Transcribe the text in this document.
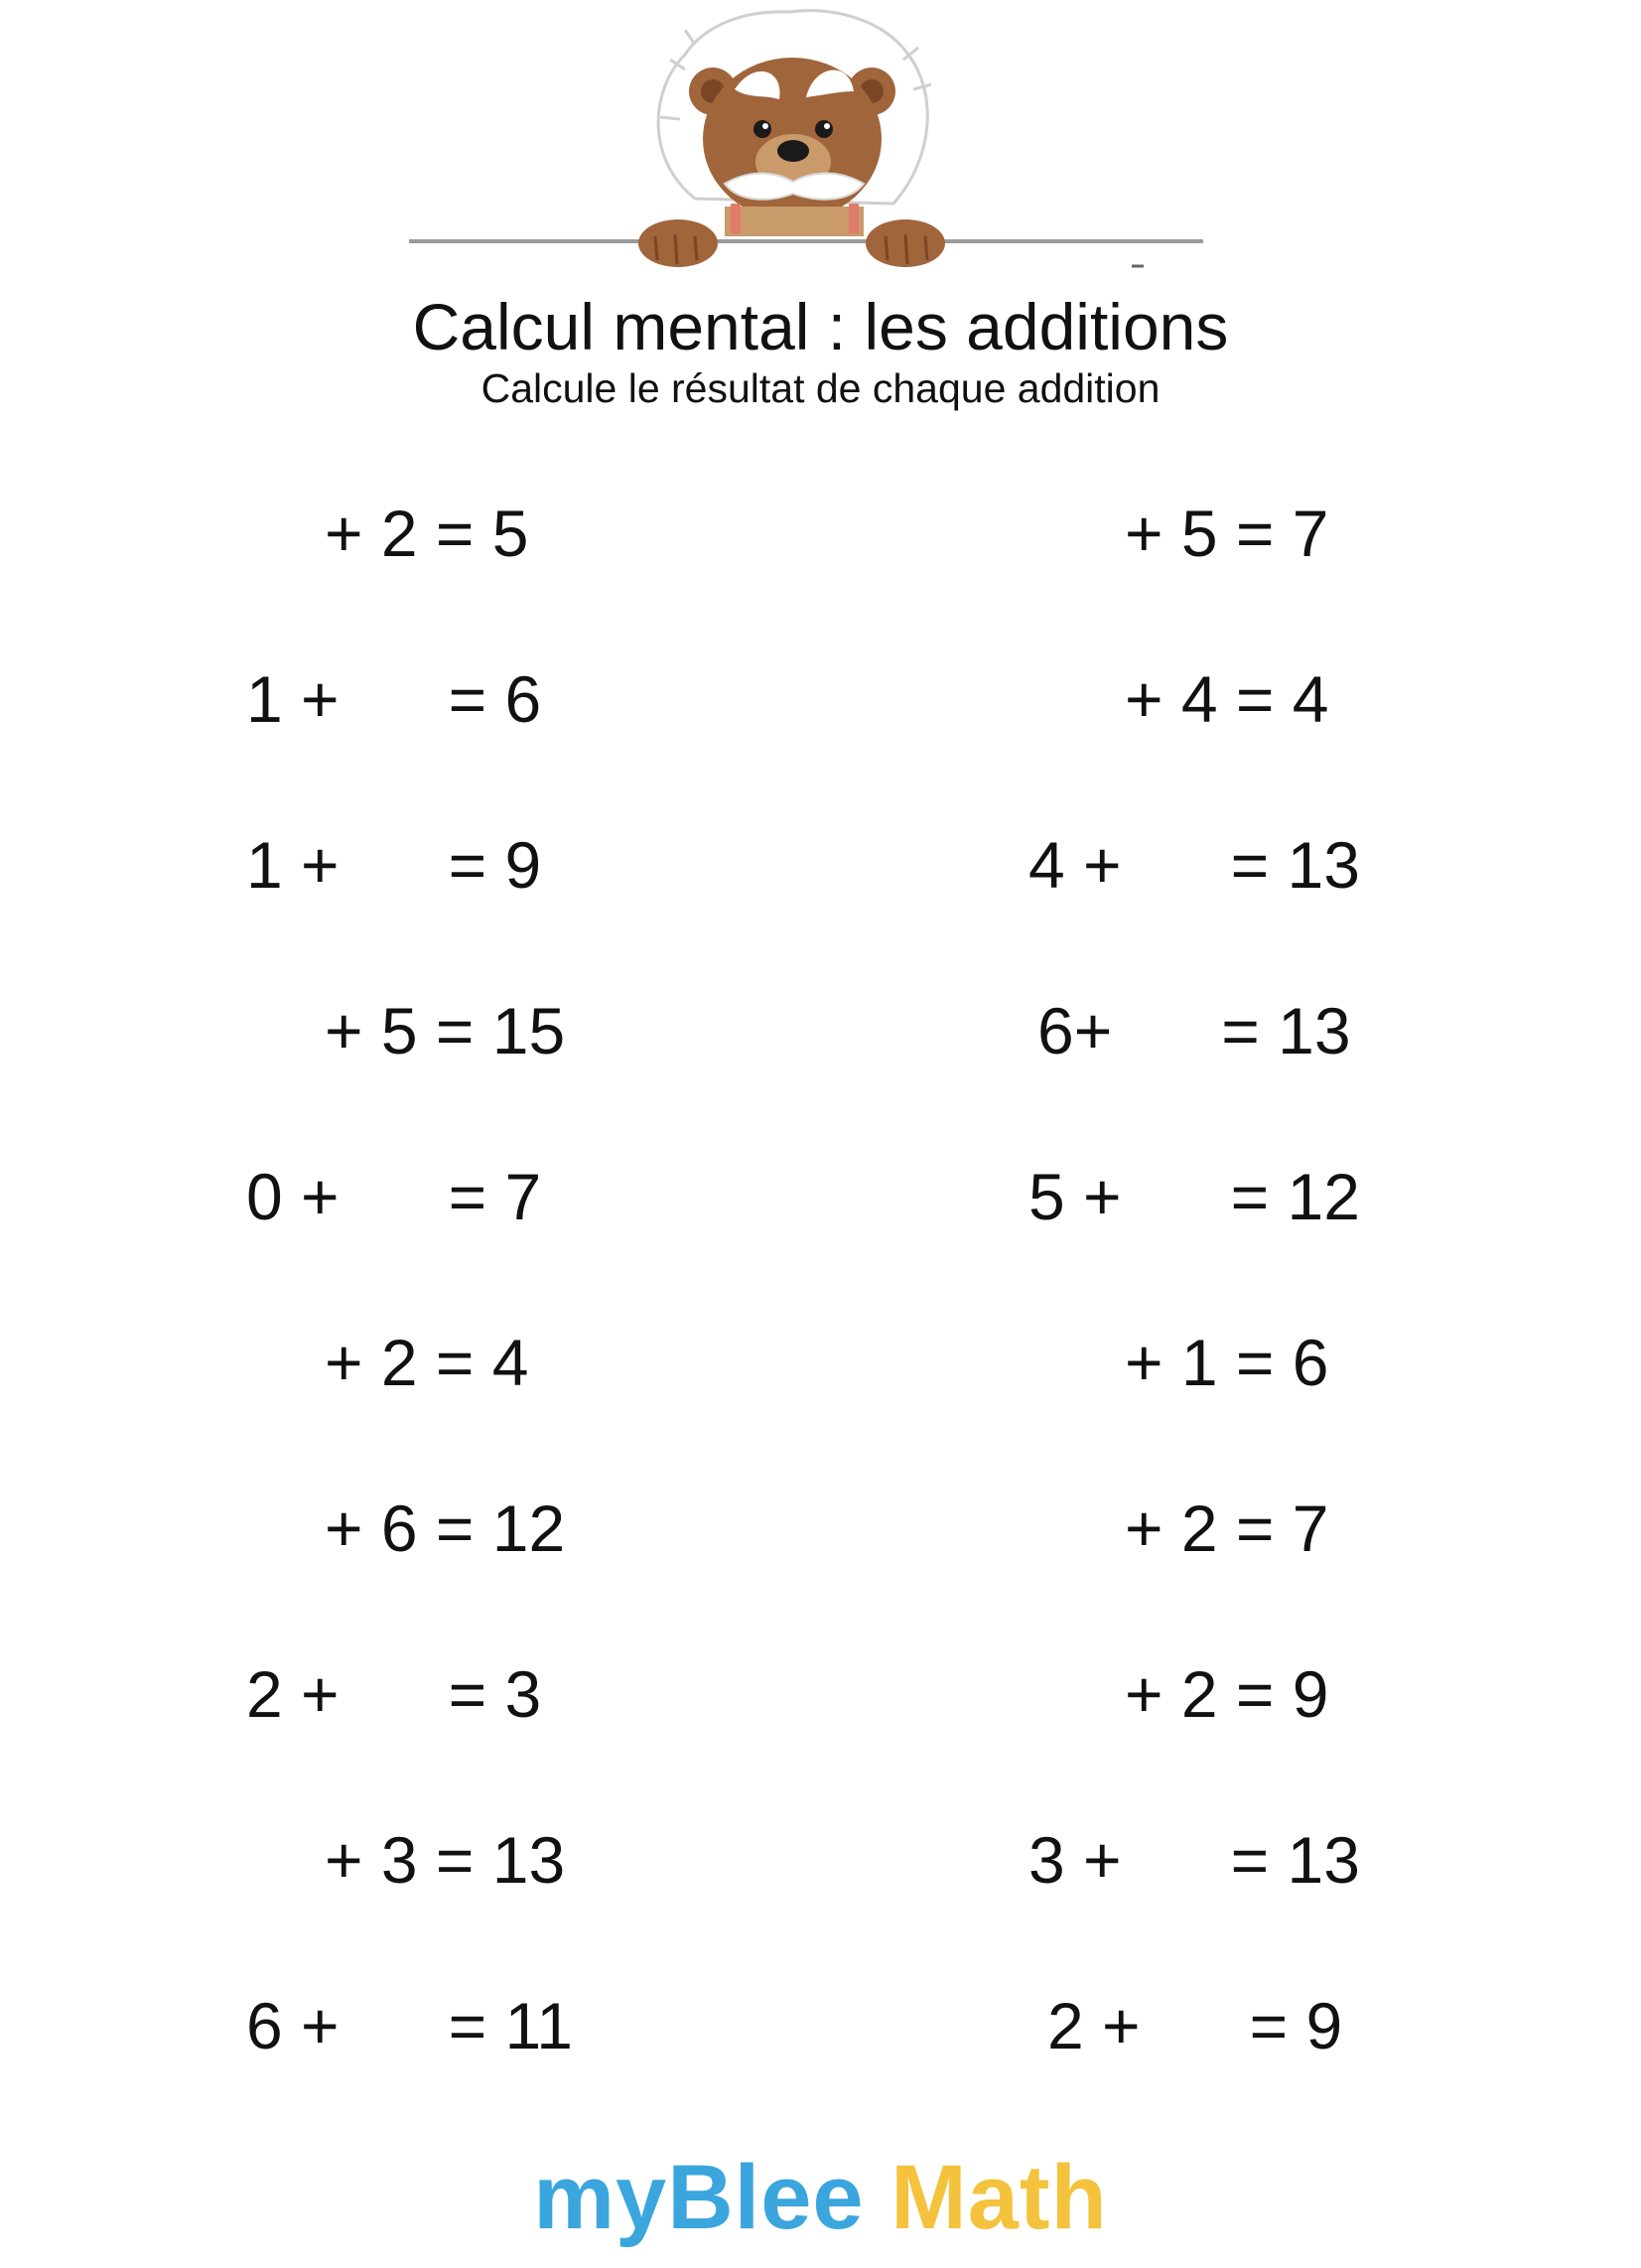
Calcul mental : les additions
Calcule le résultat de chaque addition
+ 2 = 5
1 +      = 6
1 +      = 9
+ 5 = 15
0 +      = 7
+ 2 = 4
+ 6 = 12
2 +      = 3
+ 3 = 13
6 +      = 11
+ 5 = 7
+ 4 = 4
4 +      = 13
6+      = 13
5 +      = 12
+ 1 = 6
+ 2 = 7
+ 2 = 9
3 +      = 13
2 +      = 9
myBlee Math
